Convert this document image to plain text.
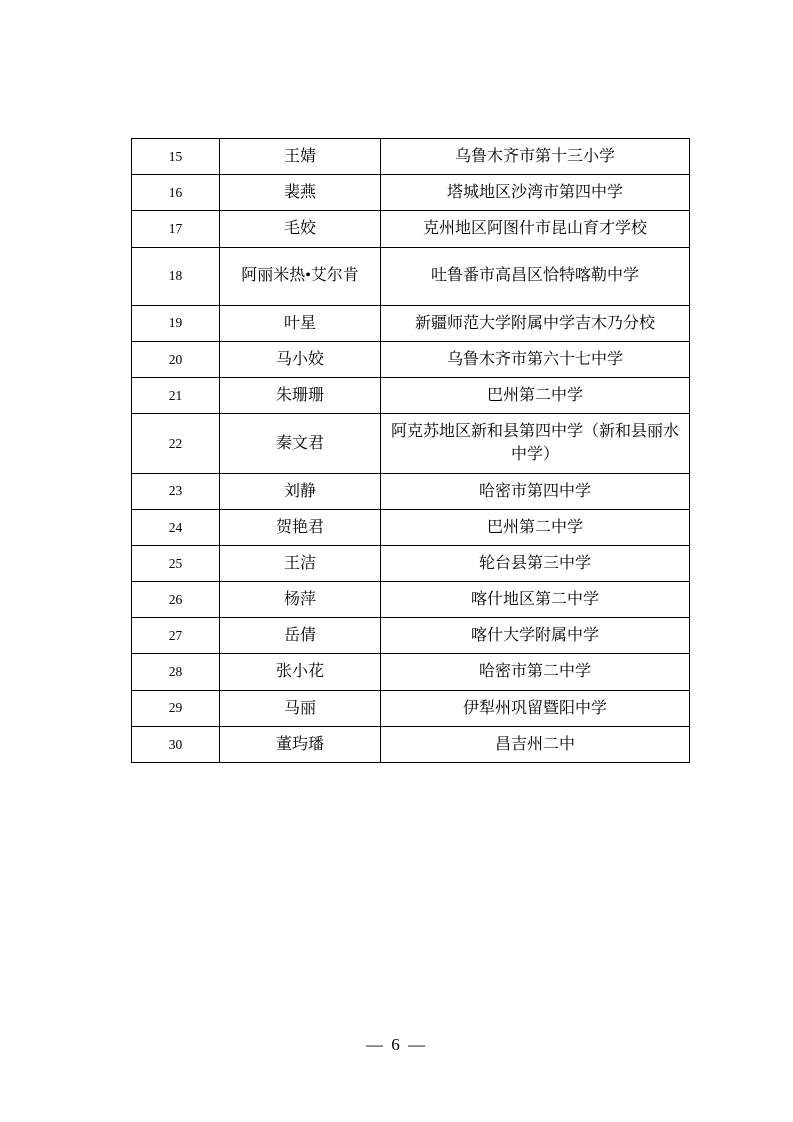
15	王婧	乌鲁木齐市第十三小学
16	裴燕	塔城地区沙湾市第四中学
17	毛姣	克州地区阿图什市昆山育才学校
18	阿丽米热•艾尔肯	吐鲁番市高昌区恰特喀勒中学
19	叶星	新疆师范大学附属中学吉木乃分校
20	马小姣	乌鲁木齐市第六十七中学
21	朱珊珊	巴州第二中学
22	秦文君	阿克苏地区新和县第四中学（新和县丽水中学）
23	刘静	哈密市第四中学
24	贺艳君	巴州第二中学
25	王洁	轮台县第三中学
26	杨萍	喀什地区第二中学
27	岳倩	喀什大学附属中学
28	张小花	哈密市第二中学
29	马丽	伊犁州巩留暨阳中学
30	董玙璠	昌吉州二中
— 6 —
